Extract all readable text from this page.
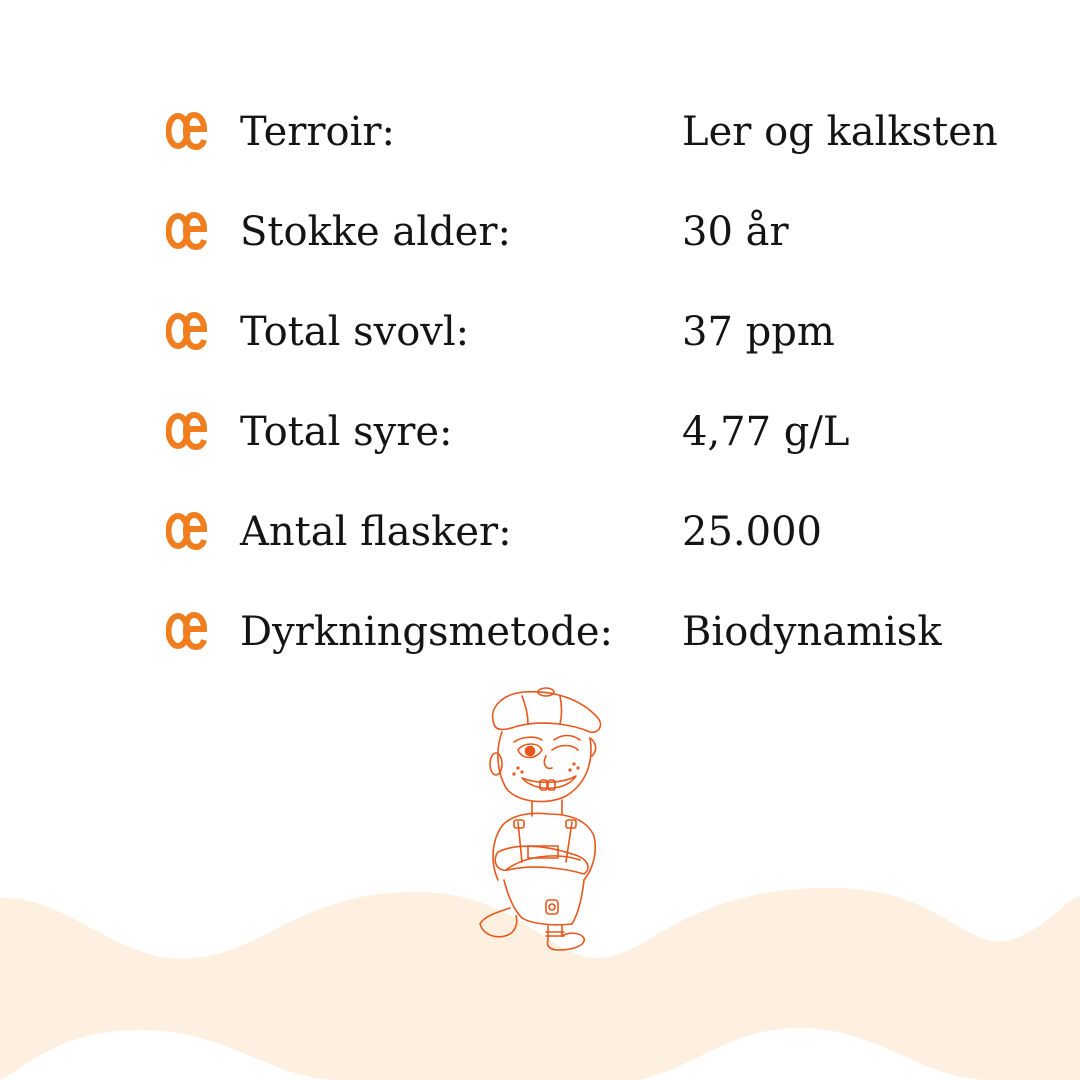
Terroir:	Ler og kalksten
Stokke alder:	30 år
Total svovl:	37 ppm
Total syre:	4,77 g/L
Antal flasker:	25.000
Dyrkningsmetode: Biodynamisk
